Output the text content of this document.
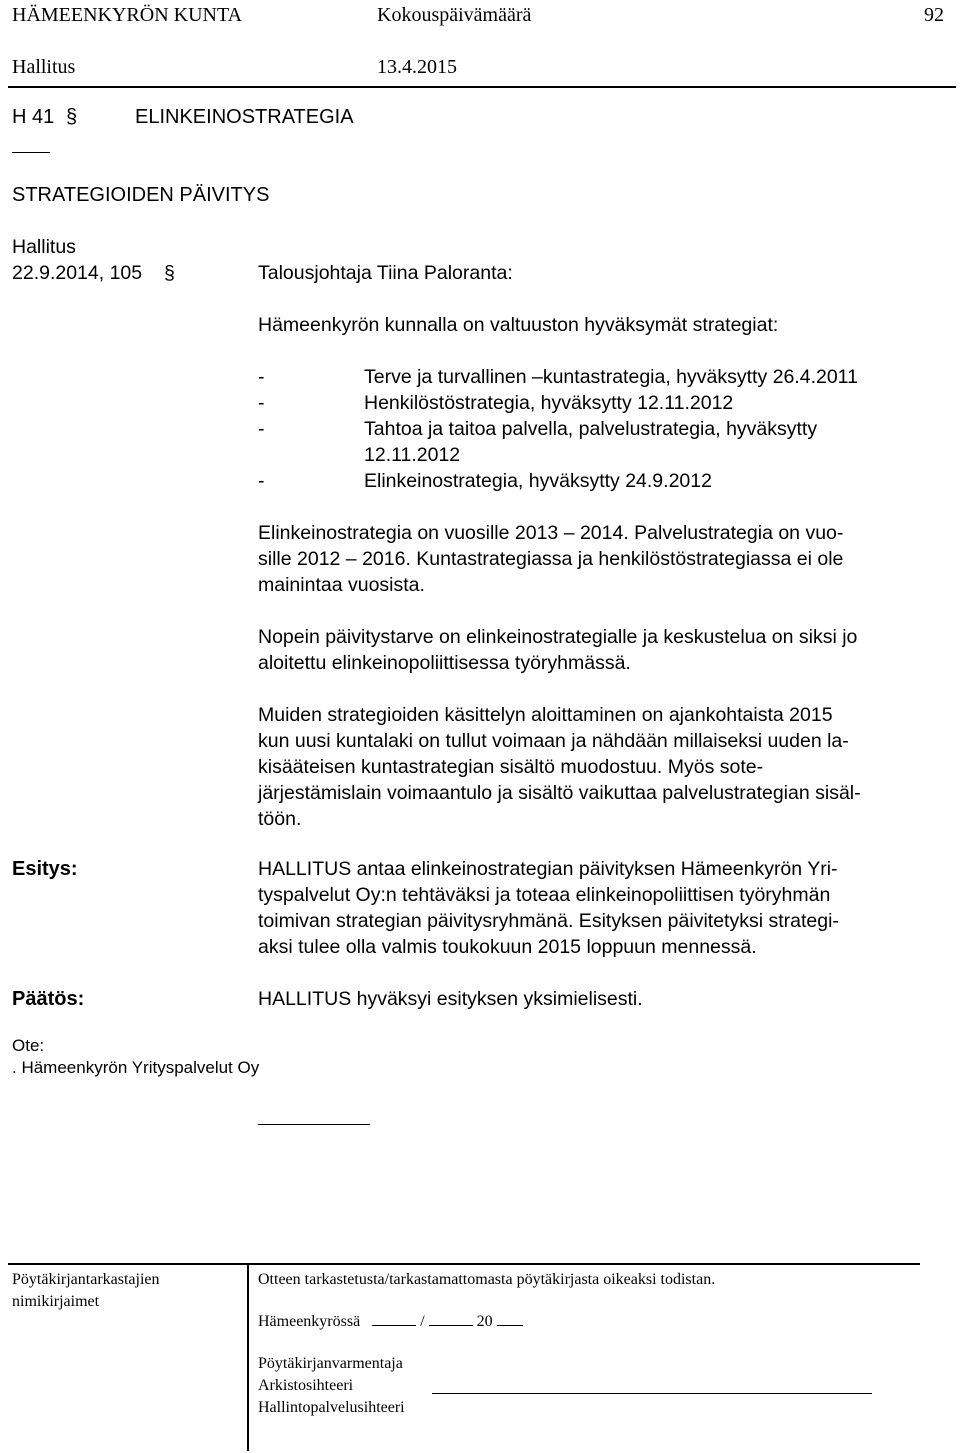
HÄMEENKYRÖN KUNTA	Kokouspäivämäärä	92
Hallitus	13.4.2015
H 41 §	ELINKEINOSTRATEGIA
STRATEGIOIDEN PÄIVITYS
Hallitus
22.9.2014, 105 §	Talousjohtaja Tiina Paloranta:
Hämeenkyrön kunnalla on valtuuston hyväksymät strategiat:
-	Terve ja turvallinen –kuntastrategia, hyväksytty 26.4.2011
-	Henkilöstöstrategia, hyväksytty 12.11.2012
-	Tahtoa ja taitoa palvella, palvelustrategia, hyväksytty
12.11.2012
-	Elinkeinostrategia, hyväksytty 24.9.2012
Elinkeinostrategia on vuosille 2013 – 2014. Palvelustrategia on vuo-
sille 2012 – 2016. Kuntastrategiassa ja henkilöstöstrategiassa ei ole
mainintaa vuosista.
Nopein päivitystarve on elinkeinostrategialle ja keskustelua on siksi jo
aloitettu elinkeinopoliittisessa työryhmässä.
Muiden strategioiden käsittelyn aloittaminen on ajankohtaista 2015
kun uusi kuntalaki on tullut voimaan ja nähdään millaiseksi uuden la-
kisääteisen kuntastrategian sisältö muodostuu. Myös sote-
järjestämislain voimaantulo ja sisältö vaikuttaa palvelustrategian sisäl-
töön.
Esitys:	HALLITUS antaa elinkeinostrategian päivityksen Hämeenkyrön Yri-
tyspalvelut Oy:n tehtäväksi ja toteaa elinkeinopoliittisen työryhmän
toimivan strategian päivitysryhmänä. Esityksen päivitetyksi strategi-
aksi tulee olla valmis toukokuun 2015 loppuun mennessä.
Päätös:	HALLITUS hyväksyi esityksen yksimielisesti.
Ote:
. Hämeenkyrön Yrityspalvelut Oy
Pöytäkirjantarkastajien
nimikirjaimet
Otteen tarkastetusta/tarkastamattomasta pöytäkirjasta oikeaksi todistan.
Hämeenkyrössä	/	20
Pöytäkirjanvarmentaja
Arkistosihteeri
Hallintopalvelusihteeri
